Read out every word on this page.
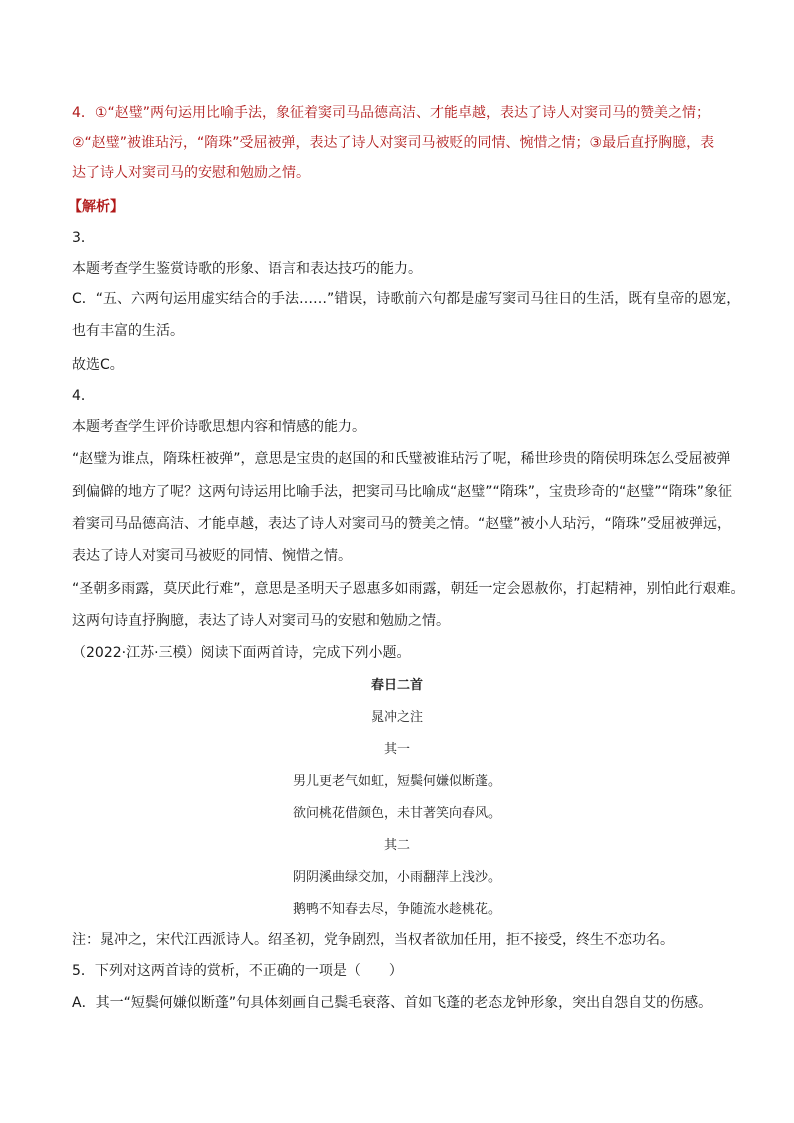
4．①“赵璧”两句运用比喻手法，象征着窦司马品德高洁、才能卓越，表达了诗人对窦司马的赞美之情；
②“赵璧”被谁玷污，“隋珠”受屈被弹，表达了诗人对窦司马被贬的同情、惋惜之情；③最后直抒胸臆，表
达了诗人对窦司马的安慰和勉励之情。
【解析】
3．
本题考查学生鉴赏诗歌的形象、语言和表达技巧的能力。
C．“五、六两句运用虚实结合的手法……”错误，诗歌前六句都是虚写窦司马往日的生活，既有皇帝的恩宠，
也有丰富的生活。
故选C。
4．
本题考查学生评价诗歌思想内容和情感的能力。
“赵璧为谁点，隋珠枉被弹”，意思是宝贵的赵国的和氏璧被谁玷污了呢，稀世珍贵的隋侯明珠怎么受屈被弹
到偏僻的地方了呢？这两句诗运用比喻手法，把窦司马比喻成“赵璧”“隋珠”，宝贵珍奇的“赵璧”“隋珠”象征
着窦司马品德高洁、才能卓越，表达了诗人对窦司马的赞美之情。“赵璧”被小人玷污，“隋珠”受屈被弹远，
表达了诗人对窦司马被贬的同情、惋惜之情。
“圣朝多雨露，莫厌此行难”，意思是圣明天子恩惠多如雨露，朝廷一定会恩赦你，打起精神，别怕此行艰难。
这两句诗直抒胸臆，表达了诗人对窦司马的安慰和勉励之情。
（2022·江苏·三模）阅读下面两首诗，完成下列小题。
春日二首
晁冲之注
其一
男儿更老气如虹，短鬓何嫌似断蓬。
欲问桃花借颜色，未甘著笑向春风。
其二
阴阴溪曲绿交加，小雨翻萍上浅沙。
鹅鸭不知春去尽，争随流水趁桃花。
注：晁冲之，宋代江西派诗人。绍圣初，党争剧烈，当权者欲加任用，拒不接受，终生不恋功名。
5．下列对这两首诗的赏析，不正确的一项是（　　）
A．其一“短鬓何嫌似断蓬”句具体刻画自己鬓毛衰落、首如飞蓬的老态龙钟形象，突出自怨自艾的伤感。
